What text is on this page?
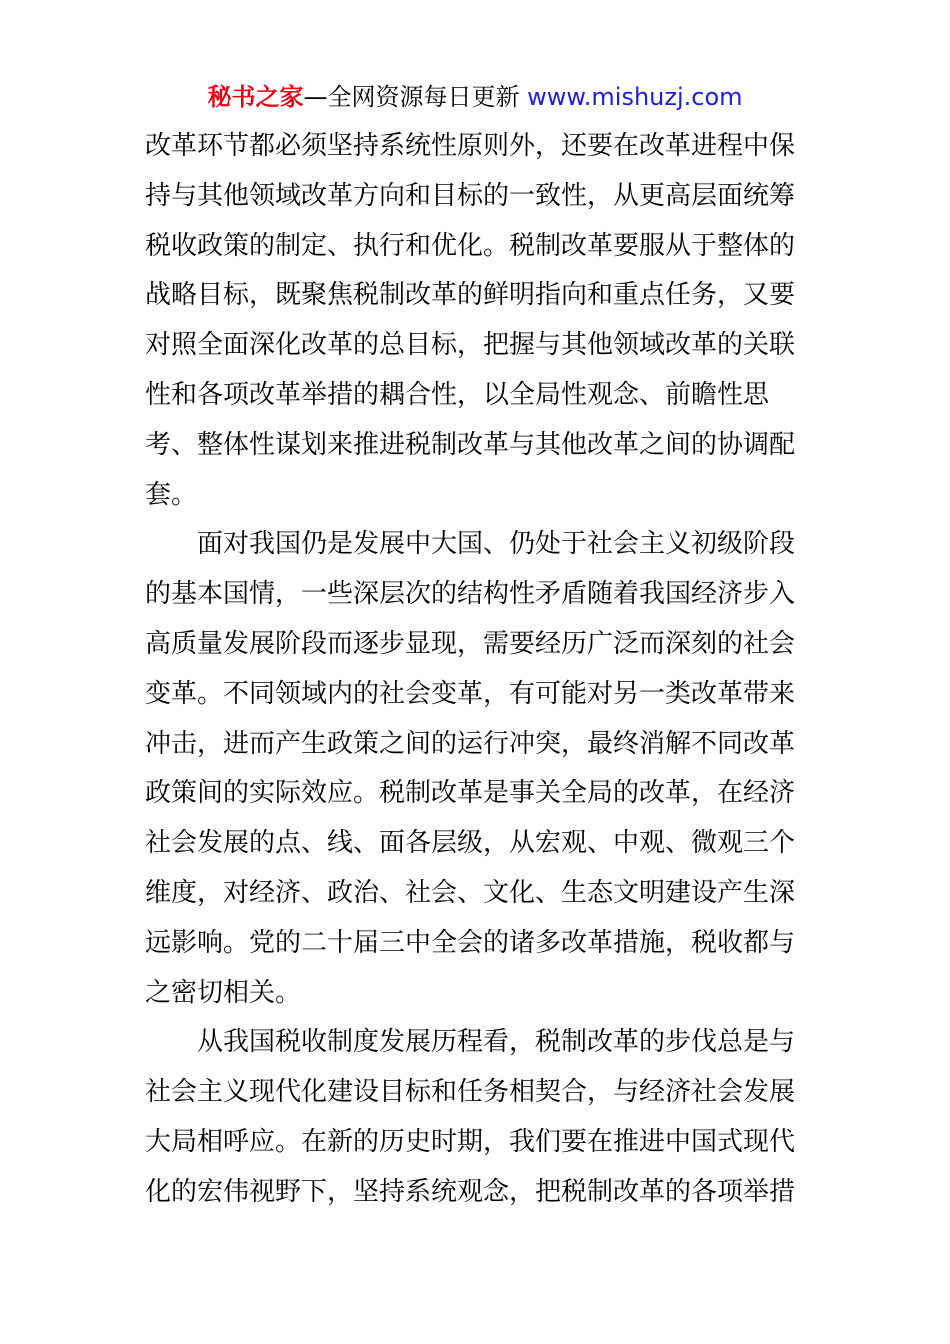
秘书之家—全网资源每日更新 www.mishuzj.com
改革环节都必须坚持系统性原则外，还要在改革进程中保
持与其他领域改革方向和目标的一致性，从更高层面统筹
税收政策的制定、执行和优化。税制改革要服从于整体的
战略目标，既聚焦税制改革的鲜明指向和重点任务，又要
对照全面深化改革的总目标，把握与其他领域改革的关联
性和各项改革举措的耦合性，以全局性观念、前瞻性思
考、整体性谋划来推进税制改革与其他改革之间的协调配
套。
面对我国仍是发展中大国、仍处于社会主义初级阶段
的基本国情，一些深层次的结构性矛盾随着我国经济步入
高质量发展阶段而逐步显现，需要经历广泛而深刻的社会
变革。不同领域内的社会变革，有可能对另一类改革带来
冲击，进而产生政策之间的运行冲突，最终消解不同改革
政策间的实际效应。税制改革是事关全局的改革，在经济
社会发展的点、线、面各层级，从宏观、中观、微观三个
维度，对经济、政治、社会、文化、生态文明建设产生深
远影响。党的二十届三中全会的诸多改革措施，税收都与
之密切相关。
从我国税收制度发展历程看，税制改革的步伐总是与
社会主义现代化建设目标和任务相契合，与经济社会发展
大局相呼应。在新的历史时期，我们要在推进中国式现代
化的宏伟视野下，坚持系统观念，把税制改革的各项举措
